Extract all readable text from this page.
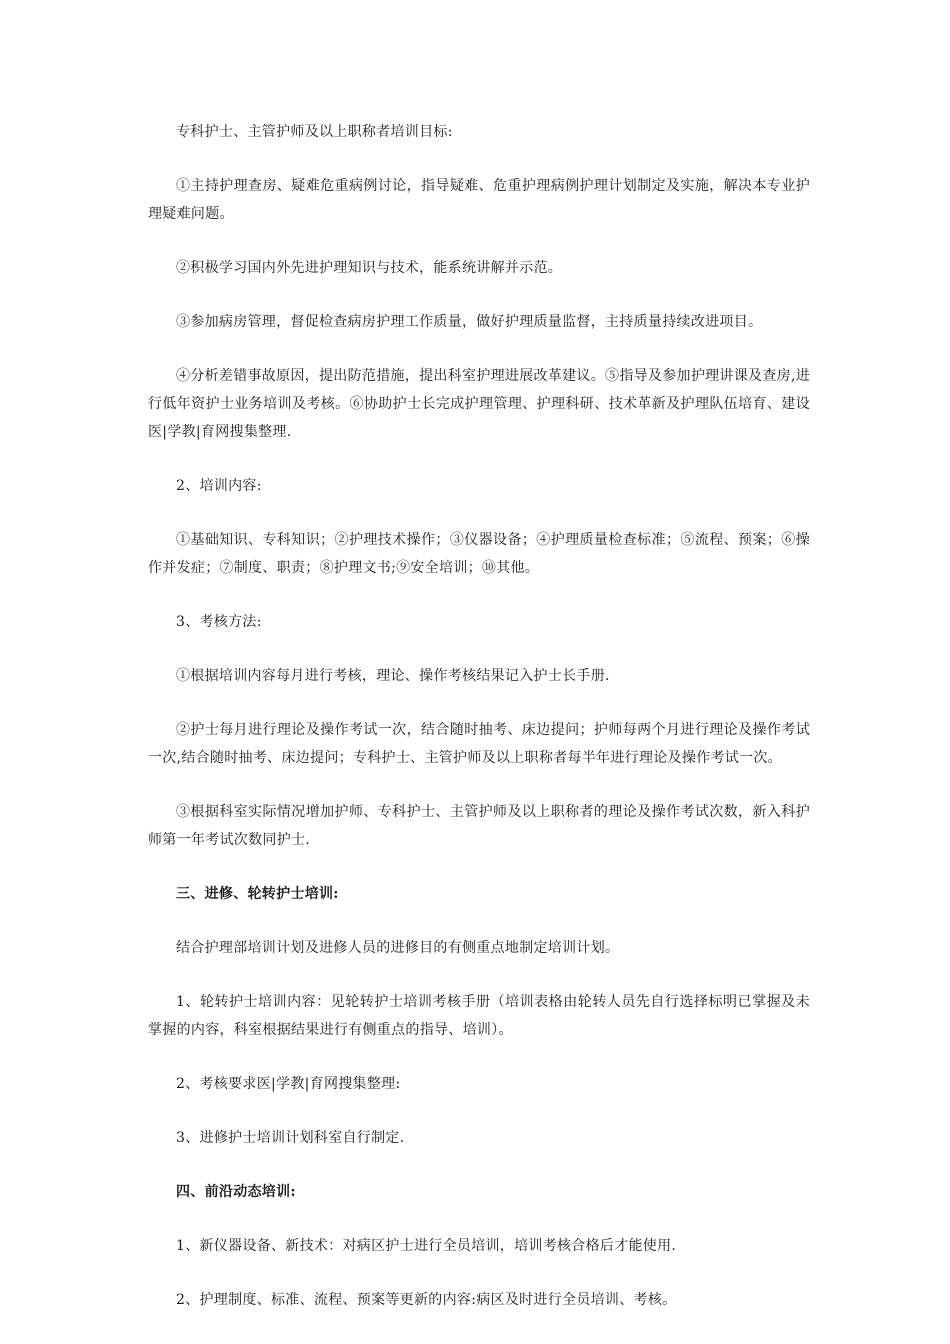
专科护士、主管护师及以上职称者培训目标:

①主持护理查房、疑难危重病例讨论，指导疑难、危重护理病例护理计划制定及实施，解决本专业护理疑难问题。

②积极学习国内外先进护理知识与技术，能系统讲解并示范。

③参加病房管理，督促检查病房护理工作质量，做好护理质量监督，主持质量持续改进项目。

④分析差错事故原因，提出防范措施，提出科室护理进展改革建议。⑤指导及参加护理讲课及查房,进行低年资护士业务培训及考核。⑥协助护士长完成护理管理、护理科研、技术革新及护理队伍培育、建设医|学教|育网搜集整理.

2、培训内容:

①基础知识、专科知识；②护理技术操作；③仪器设备；④护理质量检查标准；⑤流程、预案；⑥操作并发症；⑦制度、职责；⑧护理文书;⑨安全培训；⑩其他。

3、考核方法:

①根据培训内容每月进行考核，理论、操作考核结果记入护士长手册.

②护士每月进行理论及操作考试一次，结合随时抽考、床边提问；护师每两个月进行理论及操作考试一次,结合随时抽考、床边提问；专科护士、主管护师及以上职称者每半年进行理论及操作考试一次。

③根据科室实际情况增加护师、专科护士、主管护师及以上职称者的理论及操作考试次数，新入科护师第一年考试次数同护士.

三、进修、轮转护士培训:

结合护理部培训计划及进修人员的进修目的有侧重点地制定培训计划。

1、轮转护士培训内容：见轮转护士培训考核手册（培训表格由轮转人员先自行选择标明已掌握及未掌握的内容，科室根据结果进行有侧重点的指导、培训）。

2、考核要求医|学教|育网搜集整理:

3、进修护士培训计划科室自行制定.

四、前沿动态培训:

1、新仪器设备、新技术：对病区护士进行全员培训，培训考核合格后才能使用.

2、护理制度、标准、流程、预案等更新的内容:病区及时进行全员培训、考核。
